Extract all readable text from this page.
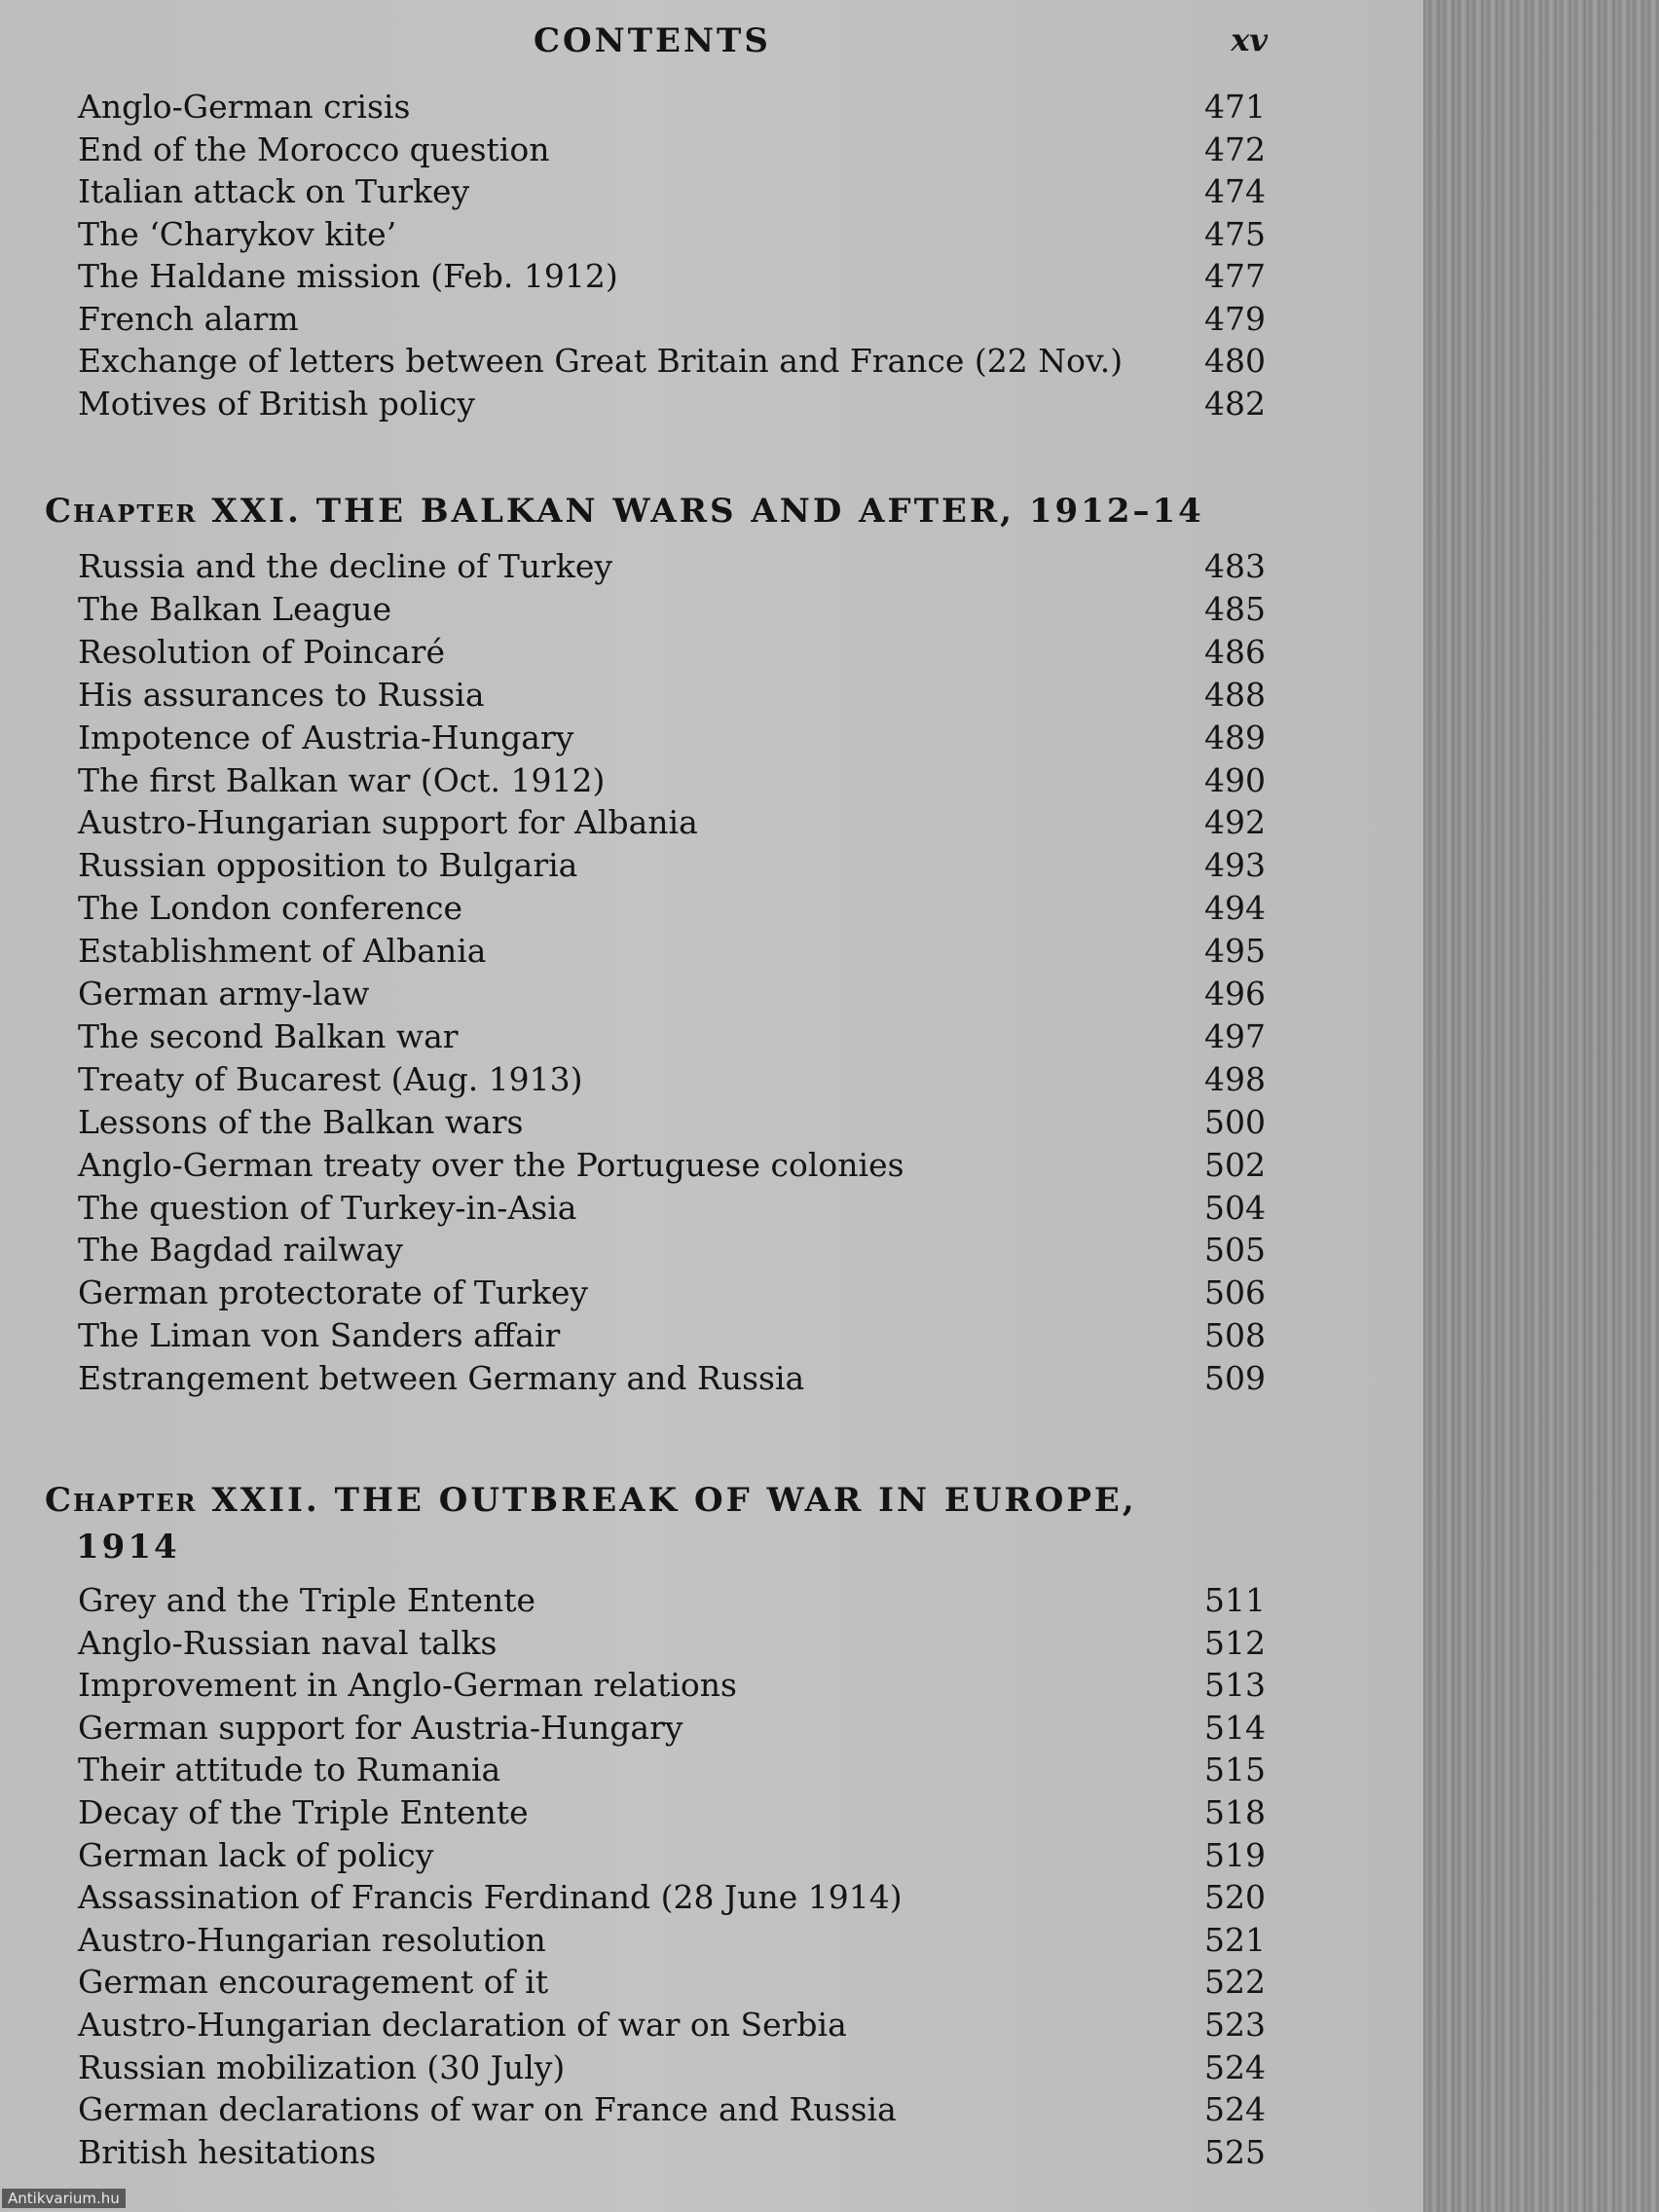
CONTENTS	xv
Anglo-German crisis	471
End of the Morocco question	472
Italian attack on Turkey	474
The ‘Charykov kite’	475
The Haldane mission (Feb. 1912)	477
French alarm	479
Exchange of letters between Great Britain and France (22 Nov.)	480
Motives of British policy	482
Chapter XXI. THE BALKAN WARS AND AFTER, 1912–14
Russia and the decline of Turkey	483
The Balkan League	485
Resolution of Poincaré	486
His assurances to Russia	488
Impotence of Austria-Hungary	489
The first Balkan war (Oct. 1912)	490
Austro-Hungarian support for Albania	492
Russian opposition to Bulgaria	493
The London conference	494
Establishment of Albania	495
German army-law	496
The second Balkan war	497
Treaty of Bucarest (Aug. 1913)	498
Lessons of the Balkan wars	500
Anglo-German treaty over the Portuguese colonies	502
The question of Turkey-in-Asia	504
The Bagdad railway	505
German protectorate of Turkey	506
The Liman von Sanders affair	508
Estrangement between Germany and Russia	509
Chapter XXII. THE OUTBREAK OF WAR IN EUROPE,
1914
Grey and the Triple Entente	511
Anglo-Russian naval talks	512
Improvement in Anglo-German relations	513
German support for Austria-Hungary	514
Their attitude to Rumania	515
Decay of the Triple Entente	518
German lack of policy	519
Assassination of Francis Ferdinand (28 June 1914)	520
Austro-Hungarian resolution	521
German encouragement of it	522
Austro-Hungarian declaration of war on Serbia	523
Russian mobilization (30 July)	524
German declarations of war on France and Russia	524
British hesitations	525
Antikvarium.hu
